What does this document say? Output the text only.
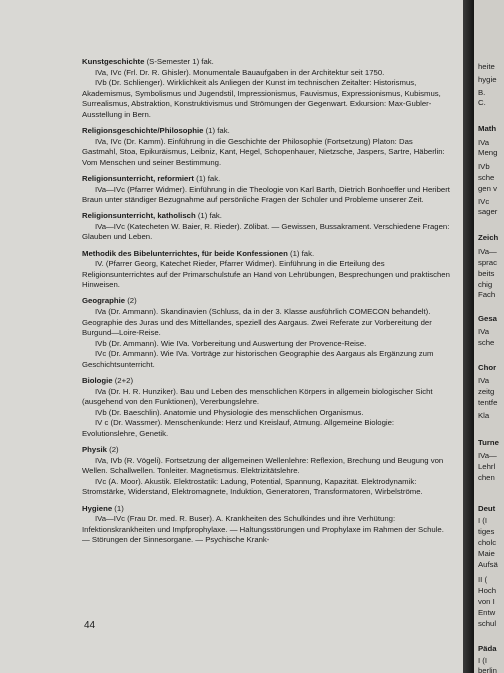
Kunstgeschichte (S-Semester 1) fak.

IVa, IVc (Frl. Dr. R. Ghisler). Monumentale Bauaufgaben in der Architektur seit 1750.

IVb (Dr. Schlienger). Wirklichkeit als Anliegen der Kunst im technischen Zeitalter: Historismus, Akademismus, Symbolismus und Jugendstil, Impressionismus, Fauvismus, Expressionismus, Kubismus, Surrealismus, Abstraktion, Konstruktivismus und Strömungen der Gegenwart. Exkursion: Max-Gubler-Ausstellung in Bern.

Religionsgeschichte/Philosophie (1) fak.

IVa, IVc (Dr. Kamm). Einführung in die Geschichte der Philosophie (Fortsetzung) Platon: Das Gastmahl, Stoa, Epikuräismus, Leibniz, Kant, Hegel, Schopenhauer, Nietzsche, Jaspers, Sartre, Häberlin: Vom Menschen und seiner Bestimmung.

Religionsunterricht, reformiert (1) fak.

IVa—IVc (Pfarrer Widmer). Einführung in die Theologie von Karl Barth, Dietrich Bonhoeffer und Heribert Braun unter ständiger Bezugnahme auf persönliche Fragen der Schüler und Probleme unserer Zeit.

Religionsunterricht, katholisch (1) fak.

IVa—IVc (Katecheten W. Baier, R. Rieder). Zölibat. — Gewissen, Bussakrament. Verschiedene Fragen: Glauben und Leben.

Methodik des Bibelunterrichtes, für beide Konfessionen (1) fak.

IV. (Pfarrer Georg, Katechet Rieder, Pfarrer Widmer). Einführung in die Erteilung des Religionsunterrichtes auf der Primarschulstufe an Hand von Lehrübungen, Besprechungen und praktischen Hinweisen.

Geographie (2)

IVa (Dr. Ammann). Skandinavien (Schluss, da in der 3. Klasse ausführlich COMECON behandelt). Geographie des Juras und des Mittellandes, speziell des Aargaus. Zwei Referate zur Vorbereitung der Burgund—Loire-Reise.

IVb (Dr. Ammann). Wie IVa. Vorbereitung und Auswertung der Provence-Reise.

IVc (Dr. Ammann). Wie IVa. Vorträge zur historischen Geographie des Aargaus als Ergänzung zum Geschichtsunterricht.

Biologie (2+2)

IVa (Dr. H. R. Hunziker). Bau und Leben des menschlichen Körpers in allgemein biologischer Sicht (ausgehend von den Funktionen), Vererbungslehre.

IVb (Dr. Baeschlin). Anatomie und Physiologie des menschlichen Organismus.

IV c (Dr. Wassmer). Menschenkunde: Herz und Kreislauf, Atmung. Allgemeine Biologie: Evolutionslehre, Genetik.

Physik (2)

IVa, IVb (R. Vögeli). Fortsetzung der allgemeinen Wellenlehre: Reflexion, Brechung und Beugung von Wellen. Schallwellen. Tonleiter. Magnetismus. Elektrizitätslehre.

IVc (A. Moor). Akustik. Elektrostatik: Ladung, Potential, Spannung, Kapazität. Elektrodynamik: Stromstärke, Widerstand, Elektromagnete, Induktion, Generatoren, Transformatoren, Wirbelströme.

Hygiene (1)

IVa—IVc (Frau Dr. med. R. Buser). A. Krankheiten des Schulkindes und ihre Verhütung: Infektionskrankheiten und Impfprophylaxe. — Haltungsstörungen und Prophylaxe im Rahmen der Schule. — Störungen der Sinnesorgane. — Psychische Krank-

44
heite
hygie
B.
C.
Math
IVa
Meng
IVb
sche
gen v
IVc
sager
Zeich
IVa—
sprac
beits
chig
Fach
Gesa
IVa
sche
Chor
IVa
zeitg
tentfe
Kla
Turne
IVa—
Lehrl
chen
Deut
I (I
tiges
cholc
Maie
Aufsä
II (
Hoch
von I
Entw
schul
Päda
I (I
berlin
